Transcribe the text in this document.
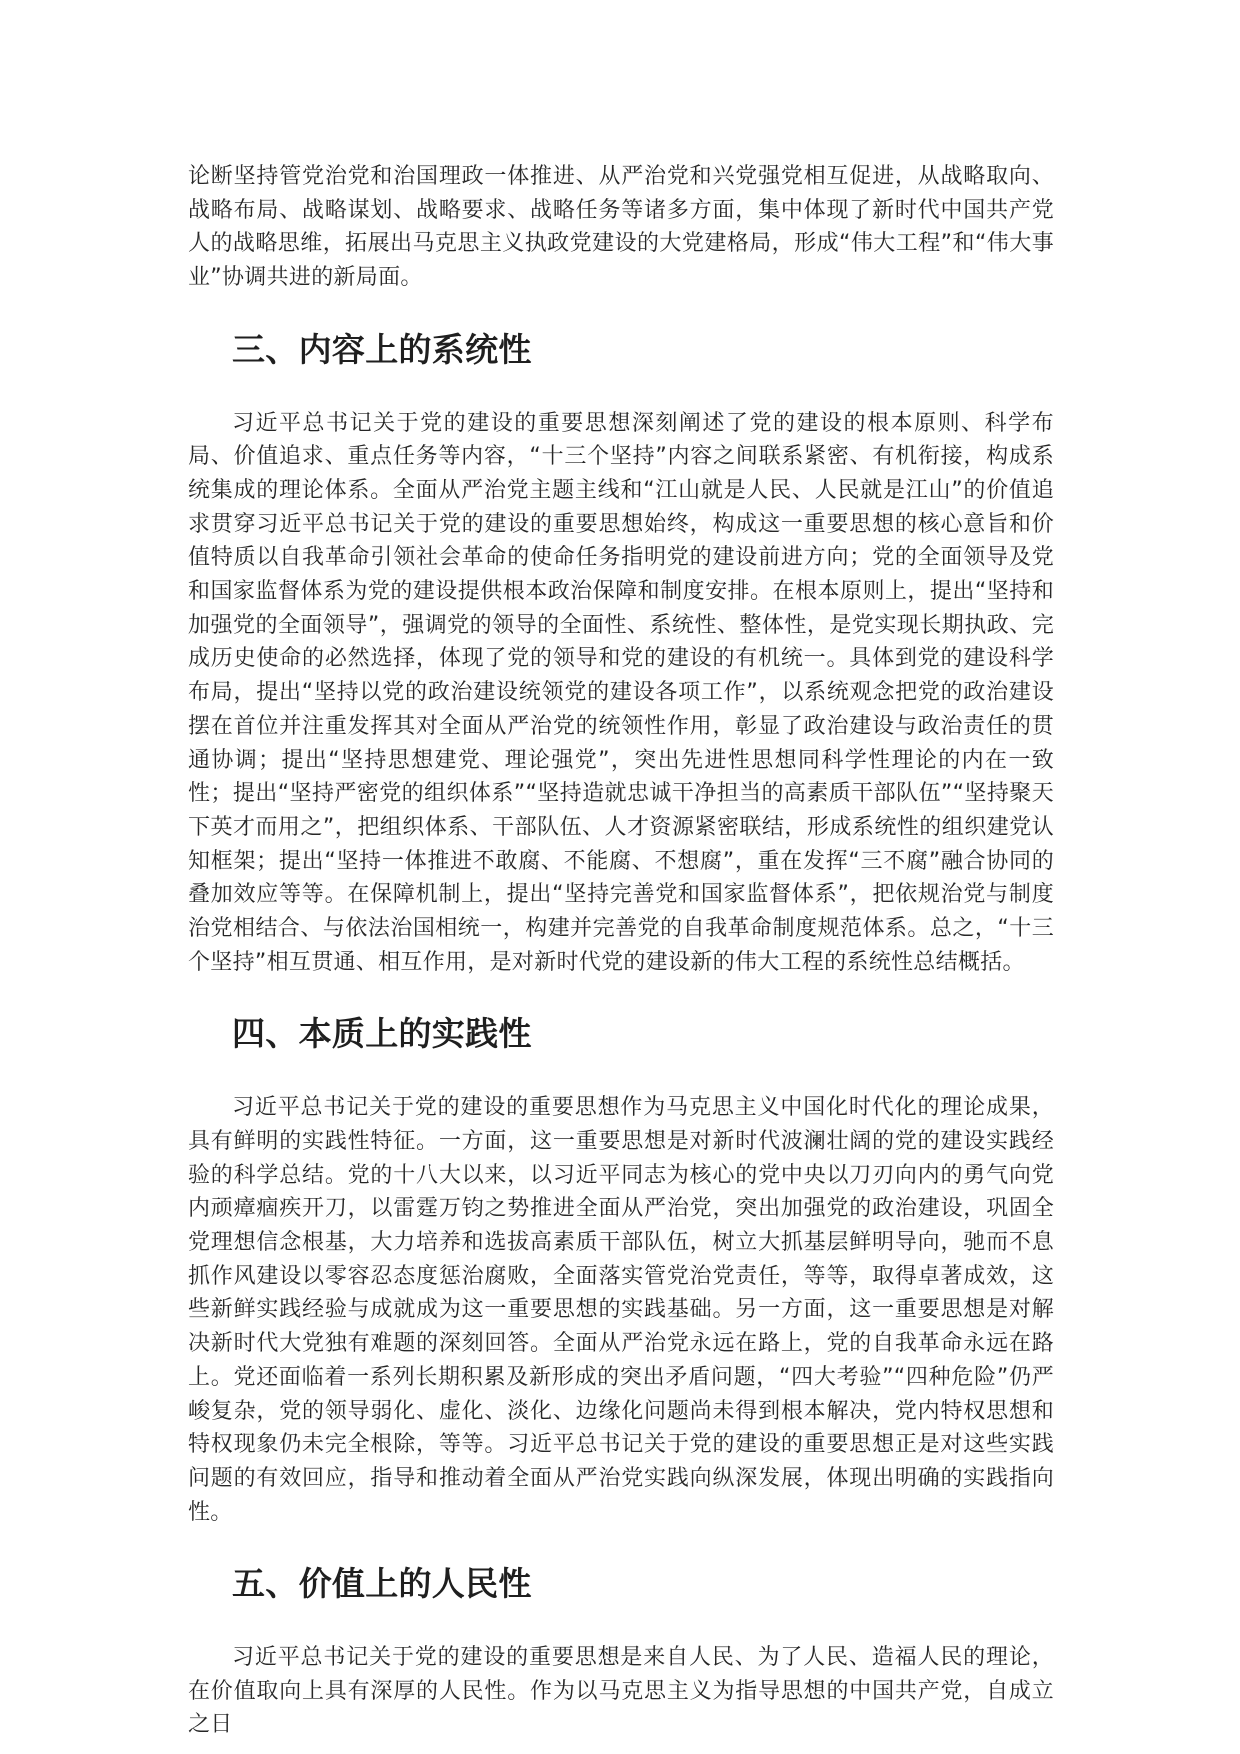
论断坚持管党治党和治国理政一体推进、从严治党和兴党强党相互促进，从战略取向、战略布局、战略谋划、战略要求、战略任务等诸多方面，集中体现了新时代中国共产党人的战略思维，拓展出马克思主义执政党建设的大党建格局，形成“伟大工程”和“伟大事业”协调共进的新局面。

三、内容上的系统性

习近平总书记关于党的建设的重要思想深刻阐述了党的建设的根本原则、科学布局、价值追求、重点任务等内容，“十三个坚持”内容之间联系紧密、有机衔接，构成系统集成的理论体系。全面从严治党主题主线和“江山就是人民、人民就是江山”的价值追求贯穿习近平总书记关于党的建设的重要思想始终，构成这一重要思想的核心意旨和价值特质以自我革命引领社会革命的使命任务指明党的建设前进方向；党的全面领导及党和国家监督体系为党的建设提供根本政治保障和制度安排。在根本原则上，提出“坚持和加强党的全面领导”，强调党的领导的全面性、系统性、整体性，是党实现长期执政、完成历史使命的必然选择，体现了党的领导和党的建设的有机统一。具体到党的建设科学布局，提出“坚持以党的政治建设统领党的建设各项工作”，以系统观念把党的政治建设摆在首位并注重发挥其对全面从严治党的统领性作用，彰显了政治建设与政治责任的贯通协调；提出“坚持思想建党、理论强党”，突出先进性思想同科学性理论的内在一致性；提出“坚持严密党的组织体系”“坚持造就忠诚干净担当的高素质干部队伍”“坚持聚天下英才而用之”，把组织体系、干部队伍、人才资源紧密联结，形成系统性的组织建党认知框架；提出“坚持一体推进不敢腐、不能腐、不想腐”，重在发挥“三不腐”融合协同的叠加效应等等。在保障机制上，提出“坚持完善党和国家监督体系”，把依规治党与制度治党相结合、与依法治国相统一，构建并完善党的自我革命制度规范体系。总之，“十三个坚持”相互贯通、相互作用，是对新时代党的建设新的伟大工程的系统性总结概括。

四、本质上的实践性

习近平总书记关于党的建设的重要思想作为马克思主义中国化时代化的理论成果，具有鲜明的实践性特征。一方面，这一重要思想是对新时代波澜壮阔的党的建设实践经验的科学总结。党的十八大以来，以习近平同志为核心的党中央以刀刃向内的勇气向党内顽瘴痼疾开刀，以雷霆万钧之势推进全面从严治党，突出加强党的政治建设，巩固全党理想信念根基，大力培养和选拔高素质干部队伍，树立大抓基层鲜明导向，驰而不息抓作风建设以零容忍态度惩治腐败，全面落实管党治党责任，等等，取得卓著成效，这些新鲜实践经验与成就成为这一重要思想的实践基础。另一方面，这一重要思想是对解决新时代大党独有难题的深刻回答。全面从严治党永远在路上，党的自我革命永远在路上。党还面临着一系列长期积累及新形成的突出矛盾问题，“四大考验”“四种危险”仍严峻复杂，党的领导弱化、虚化、淡化、边缘化问题尚未得到根本解决，党内特权思想和特权现象仍未完全根除，等等。习近平总书记关于党的建设的重要思想正是对这些实践问题的有效回应，指导和推动着全面从严治党实践向纵深发展，体现出明确的实践指向性。

五、价值上的人民性

习近平总书记关于党的建设的重要思想是来自人民、为了人民、造福人民的理论，在价值取向上具有深厚的人民性。作为以马克思主义为指导思想的中国共产党，自成立之日
